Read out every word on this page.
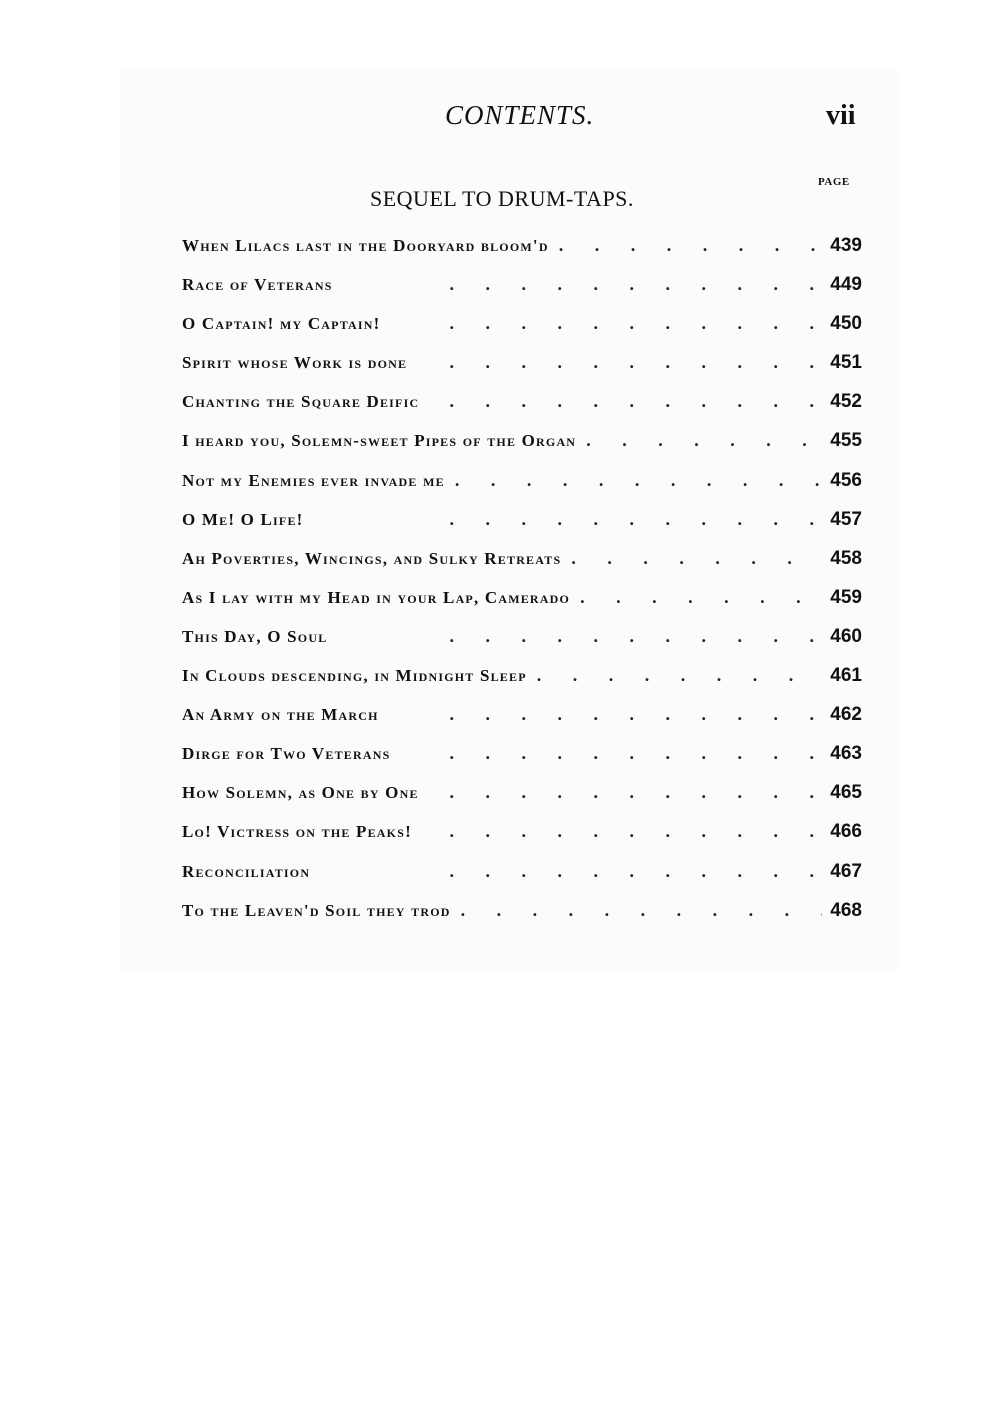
CONTENTS.	vii
PAGE
SEQUEL TO DRUM-TAPS.
When Lilacs last in the Dooryard bloom'd .	439
Race of Veterans .	449
O Captain! my Captain! .	450
Spirit whose Work is done .	451
Chanting the Square Deific .	452
I heard you, Solemn-sweet Pipes of the Organ .	455
Not my Enemies ever invade me .	456
O Me! O Life! .	457
Ah Poverties, Wincings, and Sulky Retreats .	458
As I lay with my Head in your Lap, Camerado .	459
This Day, O Soul .	460
In Clouds descending, in Midnight Sleep .	461
An Army on the March .	462
Dirge for Two Veterans .	463
How Solemn, as One by One .	465
Lo! Victress on the Peaks! .	466
Reconciliation .	467
To the Leaven'd Soil they trod .	468
